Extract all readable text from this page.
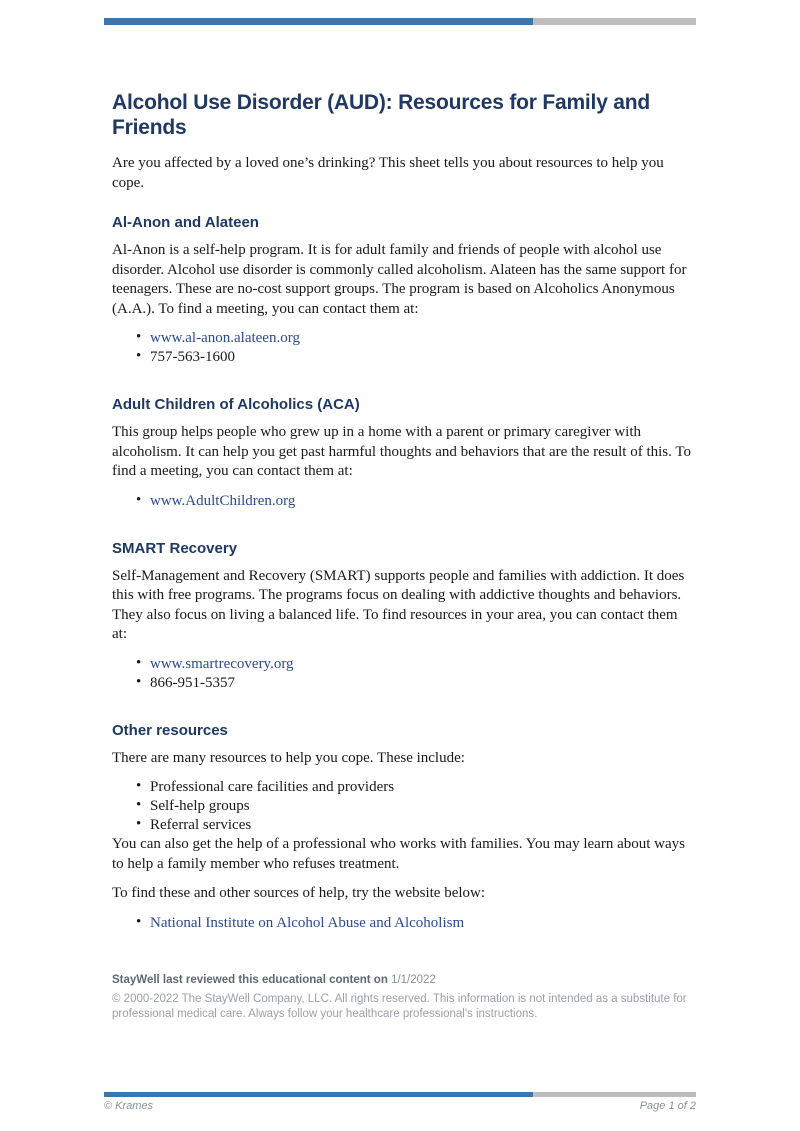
Alcohol Use Disorder (AUD): Resources for Family and Friends

Are you affected by a loved one’s drinking? This sheet tells you about resources to help you cope.

Al-Anon and Alateen

Al-Anon is a self-help program. It is for adult family and friends of people with alcohol use disorder. Alcohol use disorder is commonly called alcoholism. Alateen has the same support for teenagers. These are no-cost support groups. The program is based on Alcoholics Anonymous (A.A.). To find a meeting, you can contact them at:

• www.al-anon.alateen.org
• 757-563-1600
Adult Children of Alcoholics (ACA)

This group helps people who grew up in a home with a parent or primary caregiver with alcoholism. It can help you get past harmful thoughts and behaviors that are the result of this. To find a meeting, you can contact them at:

• www.AdultChildren.org
SMART Recovery

Self-Management and Recovery (SMART) supports people and families with addiction. It does this with free programs. The programs focus on dealing with addictive thoughts and behaviors. They also focus on living a balanced life. To find resources in your area, you can contact them at:

• www.smartrecovery.org
• 866-951-5357
Other resources

There are many resources to help you cope. These include:

• Professional care facilities and providers
• Self-help groups
• Referral services

You can also get the help of a professional who works with families. You may learn about ways to help a family member who refuses treatment.

To find these and other sources of help, try the website below:

• National Institute on Alcohol Abuse and Alcoholism
StayWell last reviewed this educational content on 1/1/2022
© 2000-2022 The StayWell Company, LLC. All rights reserved. This information is not intended as a substitute for professional medical care. Always follow your healthcare professional's instructions.
© Krames	Page 1 of 2
